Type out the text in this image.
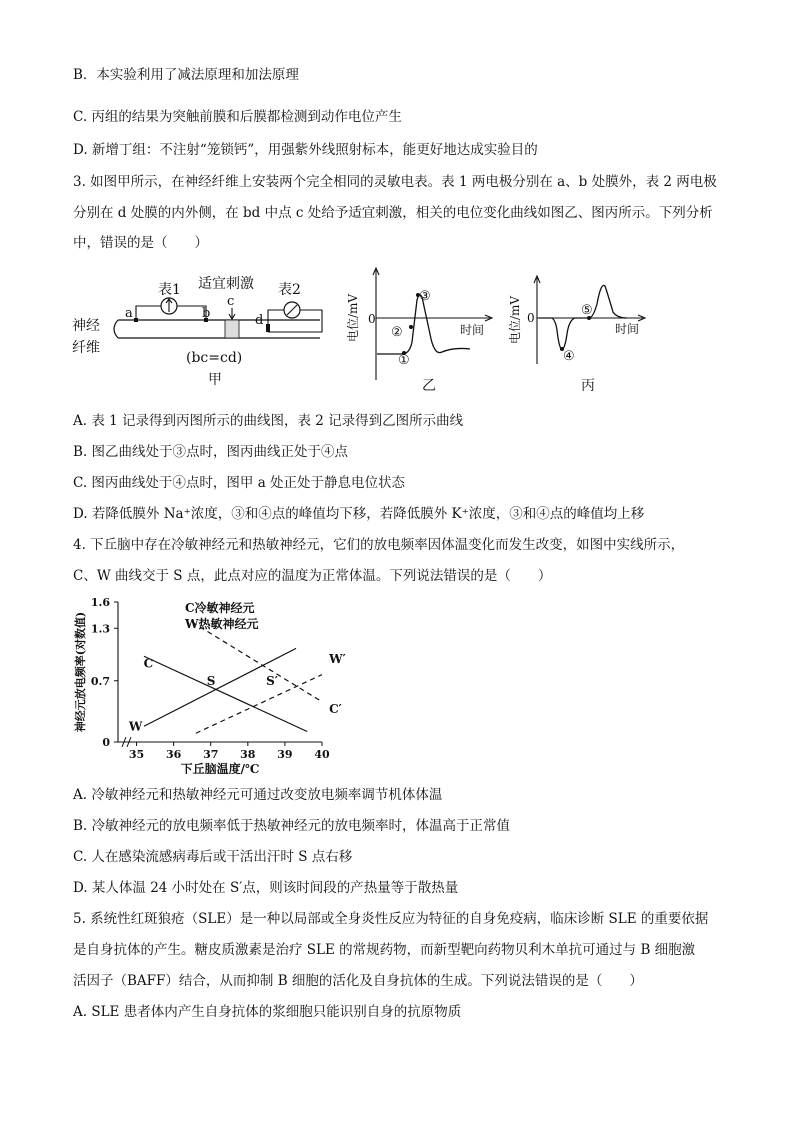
B．本实验利用了减法原理和加法原理
C. 丙组的结果为突触前膜和后膜都检测到动作电位产生
D. 新增丁组：不注射“笼锁钙”，用强紫外线照射标本，能更好地达成实验目的
3. 如图甲所示，在神经纤维上安装两个完全相同的灵敏电表。表 1 两电极分别在 a、b 处膜外，表 2 两电极
分别在 d 处膜的内外侧，在 bd 中点 c 处给予适宜刺激，相关的电位变化曲线如图乙、图丙所示。下列分析
中，错误的是（　　）
适宜刺激
表1	表2
a	b
c
d
神经
纤维
(bc=cd)
甲
电位/mV 0
时间
①
②
③
乙
电位/mV 0
时间
④
⑤
丙
A. 表 1 记录得到丙图所示的曲线图，表 2 记录得到乙图所示曲线
B. 图乙曲线处于③点时，图丙曲线正处于④点
C. 图丙曲线处于④点时，图甲 a 处正处于静息电位状态
D. 若降低膜外 Na⁺浓度，③和④点的峰值均下移，若降低膜外 K⁺浓度，③和④点的峰值均上移
4. 下丘脑中存在冷敏神经元和热敏神经元，它们的放电频率因体温变化而发生改变，如图中实线所示，
C、W 曲线交于 S 点，此点对应的温度为正常体温。下列说法错误的是（　　）
0
0.7
1.3
1.6
35 36 37 38 39 40
下丘脑温度/℃
神经元放电频率(对数值)
C冷敏神经元
W热敏神经元
S	S′
C
W
W′
C′
A. 冷敏神经元和热敏神经元可通过改变放电频率调节机体体温
B. 冷敏神经元的放电频率低于热敏神经元的放电频率时，体温高于正常值
C. 人在感染流感病毒后或干活出汗时 S 点右移
D. 某人体温 24 小时处在 S′点，则该时间段的产热量等于散热量
5. 系统性红斑狼疮（SLE）是一种以局部或全身炎性反应为特征的自身免疫病，临床诊断 SLE 的重要依据
是自身抗体的产生。糖皮质激素是治疗 SLE 的常规药物，而新型靶向药物贝利木单抗可通过与 B 细胞激
活因子（BAFF）结合，从而抑制 B 细胞的活化及自身抗体的生成。下列说法错误的是（　　）
A. SLE 患者体内产生自身抗体的浆细胞只能识别自身的抗原物质
